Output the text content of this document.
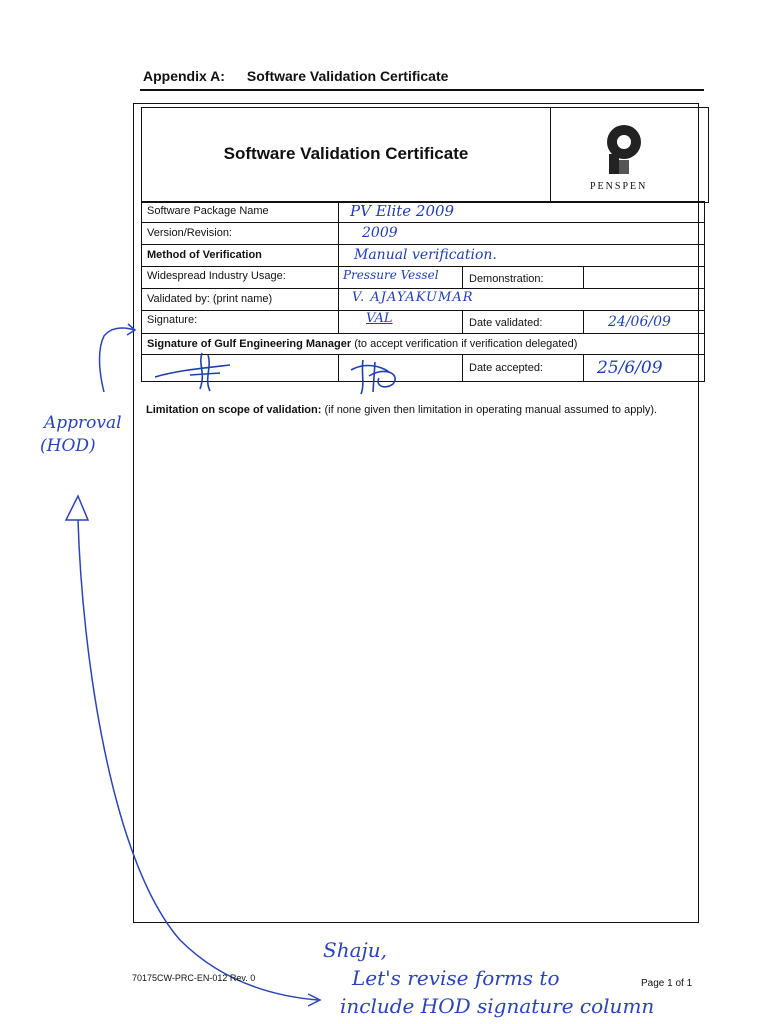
Appendix A: Software Validation Certificate
Software Validation Certificate
PENSPEN
Software Package Name	PV Elite 2009
Version/Revision:	2009
Method of Verification	Manual verification.
Widespread Industry Usage:	Pressure Vessel	Demonstration:
Validated by: (print name)	V. AJAYAKUMAR
Signature:	VAL	Date validated:	24/06/09
Signature of Gulf Engineering Manager (to accept verification if verification delegated)
Date accepted:	25/6/09
Limitation on scope of validation: (if none given then limitation in operating manual assumed to apply).
Approval
(HOD)
Shaju,
Let's revise forms to
include HOD signature column
70175CW-PRC-EN-012 Rev. 0	Page 1 of 1
